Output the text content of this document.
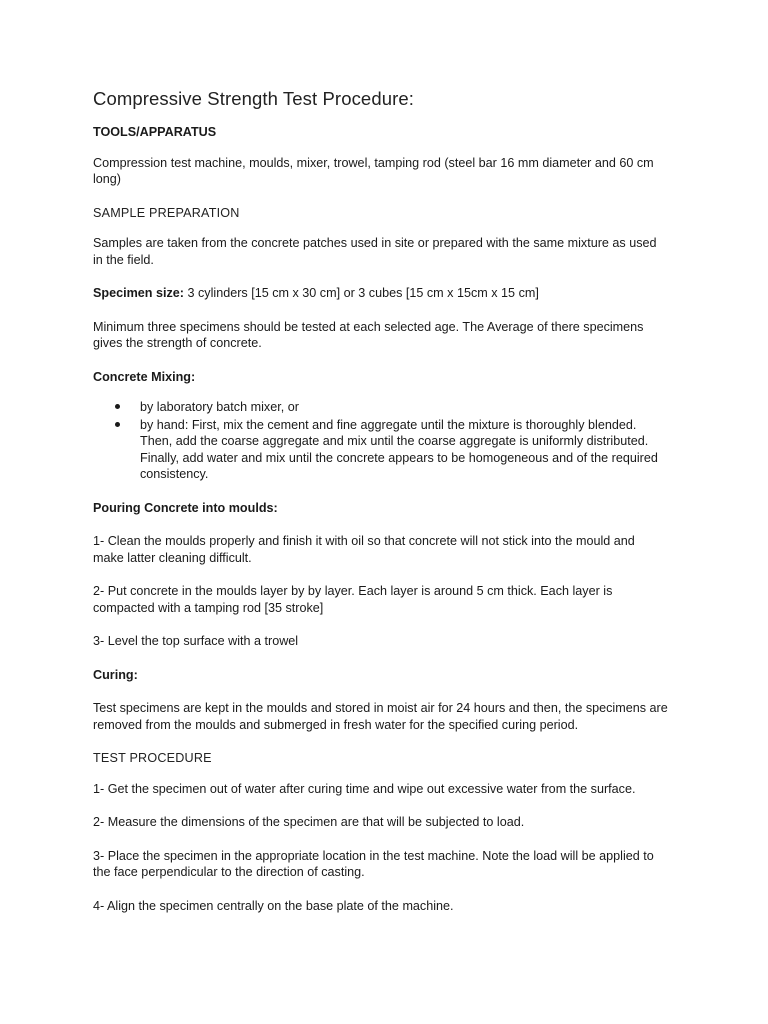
Compressive Strength Test Procedure:

TOOLS/APPARATUS

Compression test machine, moulds, mixer, trowel, tamping rod (steel bar 16 mm diameter and 60 cm long)

SAMPLE PREPARATION

Samples are taken from the concrete patches used in site or prepared with the same mixture as used in the field.

Specimen size: 3 cylinders [15 cm x 30 cm] or 3 cubes [15 cm x 15cm x 15 cm]

Minimum three specimens should be tested at each selected age. The Average of there specimens gives the strength of concrete.

Concrete Mixing:

by laboratory batch mixer, or
by hand: First, mix the cement and fine aggregate until the mixture is thoroughly blended. Then, add the coarse aggregate and mix until the coarse aggregate is uniformly distributed. Finally, add water and mix until the concrete appears to be homogeneous and of the required consistency.

Pouring Concrete into moulds:

1- Clean the moulds properly and finish it with oil so that concrete will not stick into the mould and make latter cleaning difficult.

2- Put concrete in the moulds layer by by layer. Each layer is around 5 cm thick. Each layer is compacted with a tamping rod [35 stroke]

3- Level the top surface with a trowel

Curing:

Test specimens are kept in the moulds and stored in moist air for 24 hours and then, the specimens are removed from the moulds and submerged in fresh water for the specified curing period.

TEST PROCEDURE

1- Get the specimen out of water after curing time and wipe out excessive water from the surface.

2- Measure the dimensions of the specimen are that will be subjected to load.

3- Place the specimen in the appropriate location in the test machine. Note the load will be applied to the face perpendicular to the direction of casting.

4- Align the specimen centrally on the base plate of the machine.
